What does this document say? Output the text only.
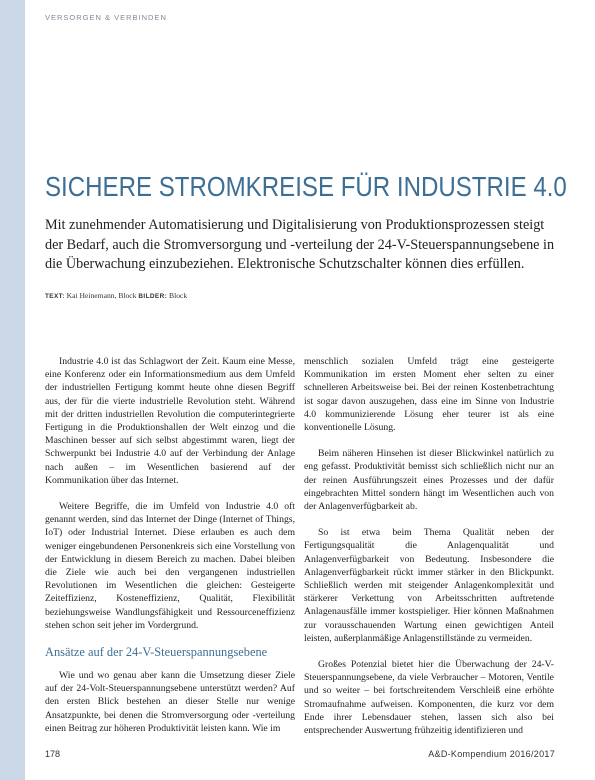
VERSORGEN & VERBINDEN
SICHERE STROMKREISE FÜR INDUSTRIE 4.0

Mit zunehmender Automatisierung und Digitalisierung von Produktionsprozessen steigt der Bedarf, auch die Stromversorgung und -verteilung der 24-V-Steuerspannungsebene in die Überwachung einzubeziehen. Elektronische Schutzschalter können dies erfüllen.

TEXT: Kai Heinemann, Block BILDER: Block

Industrie 4.0 ist das Schlagwort der Zeit. Kaum eine Messe, eine Konferenz oder ein Informationsmedium aus dem Umfeld der industriellen Fertigung kommt heute ohne diesen Begriff aus, der für die vierte industrielle Revolution steht. Während mit der dritten industriellen Revolution die computerintegrierte Fertigung in die Produktionshallen der Welt einzog und die Maschinen besser auf sich selbst abgestimmt waren, liegt der Schwerpunkt bei Industrie 4.0 auf der Verbindung der Anlage nach außen – im Wesentlichen basierend auf der Kommunikation über das Internet.

Weitere Begriffe, die im Umfeld von Industrie 4.0 oft genannt werden, sind das Internet der Dinge (Internet of Things, IoT) oder Industrial Internet. Diese erlauben es auch dem weniger eingebundenen Personenkreis sich eine Vorstellung von der Entwicklung in diesem Bereich zu machen. Dabei bleiben die Ziele wie auch bei den vergangenen industriellen Revolutionen im Wesentlichen die gleichen: Gesteigerte Zeiteffizienz, Kosteneffizienz, Qualität, Flexibilität beziehungsweise Wandlungsfähigkeit und Ressourceneffizienz stehen schon seit jeher im Vordergrund.

Ansätze auf der 24-V-Steuerspannungsebene

Wie und wo genau aber kann die Umsetzung dieser Ziele auf der 24-Volt-Steuerspannungsebene unterstützt werden? Auf den ersten Blick bestehen an dieser Stelle nur wenige Ansatzpunkte, bei denen die Stromversorgung oder -verteilung einen Beitrag zur höheren Produktivität leisten kann. Wie im

menschlich sozialen Umfeld trägt eine gesteigerte Kommunikation im ersten Moment eher selten zu einer schnelleren Arbeitsweise bei. Bei der reinen Kostenbetrachtung ist sogar davon auszugehen, dass eine im Sinne von Industrie 4.0 kommunizierende Lösung eher teurer ist als eine konventionelle Lösung.

Beim näheren Hinsehen ist dieser Blickwinkel natürlich zu eng gefasst. Produktivität bemisst sich schließlich nicht nur an der reinen Ausführungszeit eines Prozesses und der dafür eingebrachten Mittel sondern hängt im Wesentlichen auch von der Anlagenverfügbarkeit ab.

So ist etwa beim Thema Qualität neben der Fertigungsqualität die Anlagenqualität und Anlagenverfügbarkeit von Bedeutung. Insbesondere die Anlagenverfügbarkeit rückt immer stärker in den Blickpunkt. Schließlich werden mit steigender Anlagenkomplexität und stärkerer Verkettung von Arbeitsschritten auftretende Anlagenausfälle immer kostspieliger. Hier können Maßnahmen zur vorausschauenden Wartung einen gewichtigen Anteil leisten, außerplanmäßige Anlagenstillstände zu vermeiden.

Großes Potenzial bietet hier die Überwachung der 24-V-Steuerspannungsebene, da viele Verbraucher – Motoren, Ventile und so weiter – bei fortschreitendem Verschleiß eine erhöhte Stromaufnahme aufweisen. Komponenten, die kurz vor dem Ende ihrer Lebensdauer stehen, lassen sich also bei entsprechender Auswertung frühzeitig identifizieren und

178	A&D-Kompendium 2016/2017
